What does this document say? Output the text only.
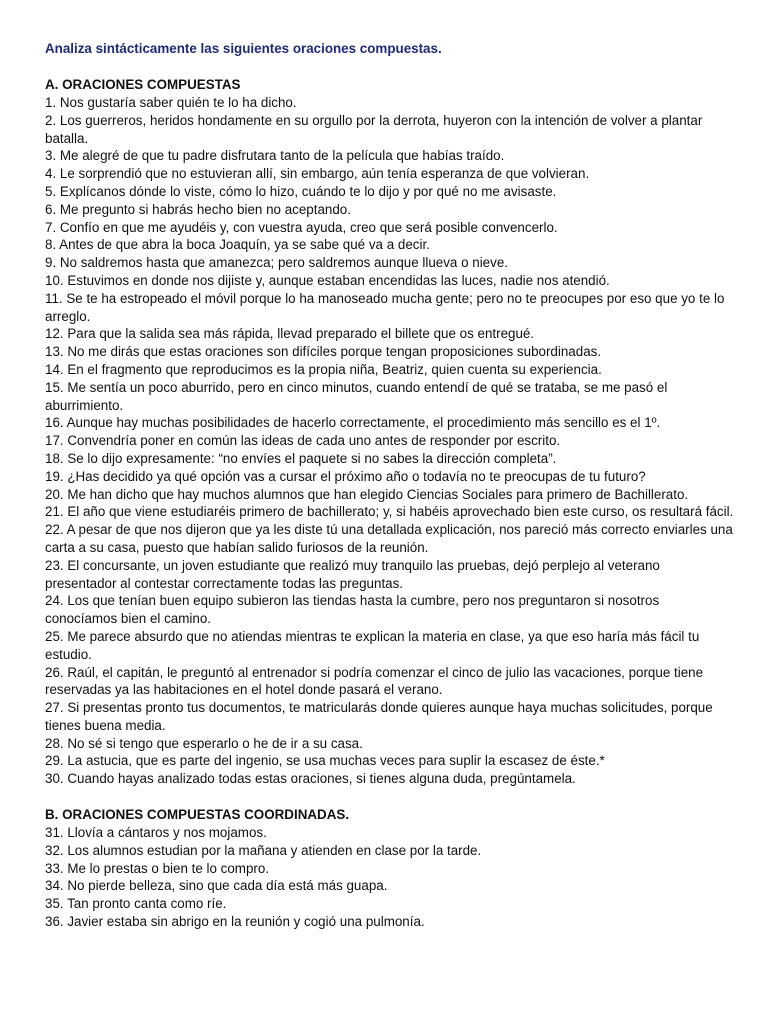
Analiza sintácticamente las siguientes oraciones compuestas.
A. ORACIONES COMPUESTAS
1. Nos gustaría saber quién te lo ha dicho.
2. Los guerreros, heridos hondamente en su orgullo por la derrota, huyeron con la intención de volver a plantar batalla.
3. Me alegré de que tu padre disfrutara tanto de la película que habías traído.
4. Le sorprendió que no estuvieran allí, sin embargo, aún tenía esperanza de que volvieran.
5. Explícanos dónde lo viste, cómo lo hizo, cuándo te lo dijo y por qué no me avisaste.
6. Me pregunto si habrás hecho bien no aceptando.
7. Confío en que me ayudéis y, con vuestra ayuda, creo que será posible convencerlo.
8. Antes de que abra la boca Joaquín, ya se sabe qué va a decir.
9. No saldremos hasta que amanezca; pero saldremos aunque llueva o nieve.
10. Estuvimos en donde nos dijiste y, aunque estaban encendidas las luces, nadie nos atendió.
11. Se te ha estropeado el móvil porque lo ha manoseado mucha gente; pero no te preocupes por eso que yo te lo arreglo.
12. Para que la salida sea más rápida, llevad preparado el billete que os entregué.
13. No me dirás que estas oraciones son difíciles porque tengan proposiciones subordinadas.
14. En el fragmento que reproducimos es la propia niña, Beatriz, quien cuenta su experiencia.
15. Me sentía un poco aburrido, pero en cinco minutos, cuando entendí de qué se trataba, se me pasó el aburrimiento.
16. Aunque hay muchas posibilidades de hacerlo correctamente, el procedimiento más sencillo es el 1º.
17. Convendría poner en común las ideas de cada uno antes de responder por escrito.
18. Se lo dijo expresamente: “no envíes el paquete si no sabes la dirección completa”.
19. ¿Has decidido ya qué opción vas a cursar el próximo año o todavía no te preocupas de tu futuro?
20. Me han dicho que hay muchos alumnos que han elegido Ciencias Sociales para primero de Bachillerato.
21. El año que viene estudiaréis primero de bachillerato; y, si habéis aprovechado bien este curso, os resultará fácil.
22. A pesar de que nos dijeron que ya les diste tú una detallada explicación, nos pareció más correcto enviarles una carta a su casa, puesto que habían salido furiosos de la reunión.
23. El concursante, un joven estudiante que realizó muy tranquilo las pruebas, dejó perplejo al veterano presentador al contestar correctamente todas las preguntas.
24. Los que tenían buen equipo subieron las tiendas hasta la cumbre, pero nos preguntaron si nosotros conocíamos bien el camino.
25. Me parece absurdo que no atiendas mientras te explican la materia en clase, ya que eso haría más fácil tu estudio.
26. Raúl, el capitán, le preguntó al entrenador si podría comenzar el cinco de julio las vacaciones, porque tiene reservadas ya las habitaciones en el hotel donde pasará el verano.
27. Si presentas pronto tus documentos, te matricularás donde quieres aunque haya muchas solicitudes, porque tienes buena media.
28. No sé si tengo que esperarlo o he de ir a su casa.
29. La astucia, que es parte del ingenio, se usa muchas veces para suplir la escasez de éste.*
30. Cuando hayas analizado todas estas oraciones, si tienes alguna duda, pregúntamela.
B. ORACIONES COMPUESTAS COORDINADAS.
31. Llovía a cántaros y nos mojamos.
32. Los alumnos estudian por la mañana y atienden en clase por la tarde.
33. Me lo prestas o bien te lo compro.
34. No pierde belleza, sino que cada día está más guapa.
35. Tan pronto canta como ríe.
36. Javier estaba sin abrigo en la reunión y cogió una pulmonía.
